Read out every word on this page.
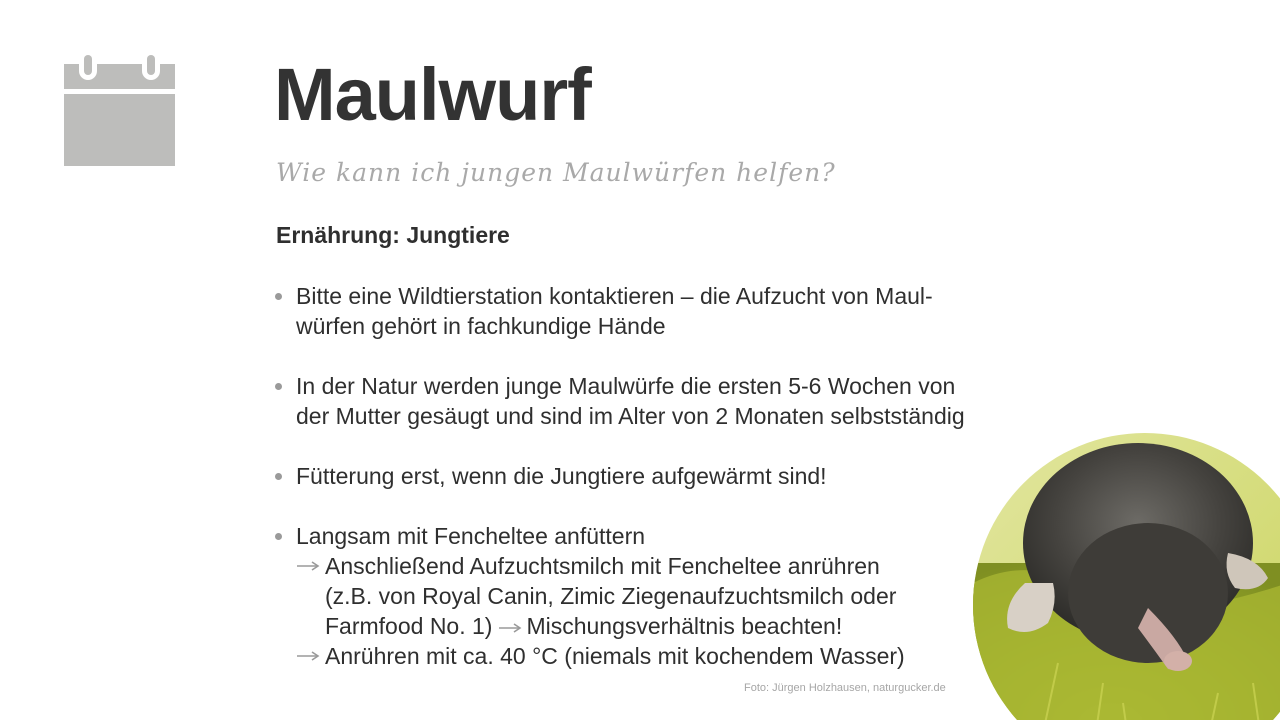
Maulwurf

Wie kann ich jungen Maulwürfen helfen?

Ernährung: Jungtiere
Bitte eine Wildtierstation kontaktieren – die Aufzucht von Maul-
würfen gehört in fachkundige Hände
In der Natur werden junge Maulwürfe die ersten 5-6 Wochen von
der Mutter gesäugt und sind im Alter von 2 Monaten selbstständig
Fütterung erst, wenn die Jungtiere aufgewärmt sind!
Langsam mit Fencheltee anfüttern
Anschließend Aufzuchtsmilch mit Fencheltee anrühren
(z.B. von Royal Canin, Zimic Ziegenaufzuchtsmilch oder
Farmfood No. 1) Mischungsverhältnis beachten!
Anrühren mit ca. 40 °C (niemals mit kochendem Wasser)

Foto: Jürgen Holzhausen, naturgucker.de
